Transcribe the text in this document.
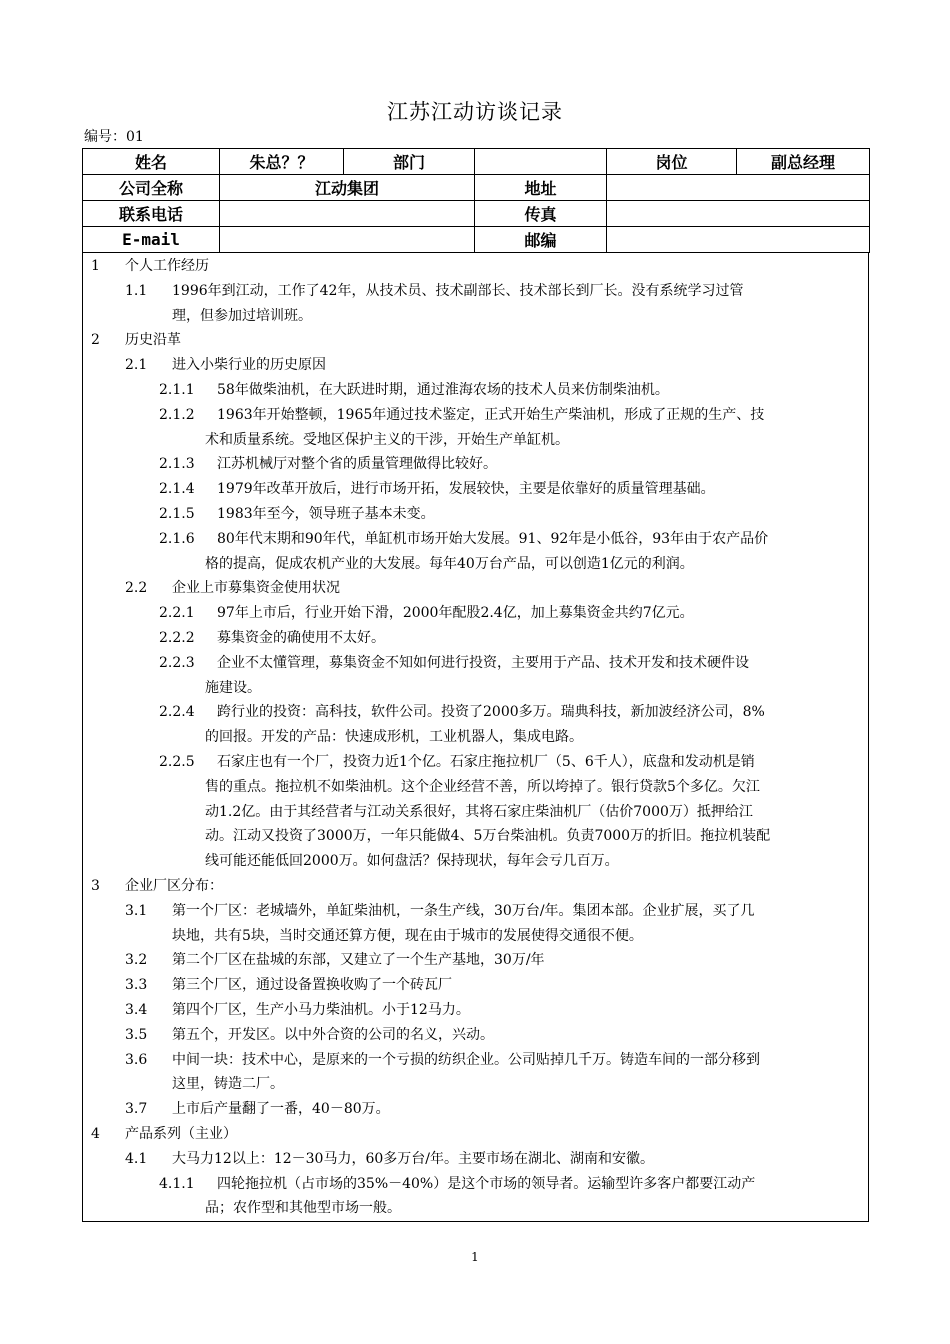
江苏江动访谈记录
编号：01
姓名	朱总？？	部门		岗位	副总经理
公司全称	江动集团		地址		
联系电话			传真		
E-mail			邮编		
1 个人工作经历
1.1 1996年到江动，工作了42年，从技术员、技术副部长、技术部长到厂长。没有系统学习过管
理，但参加过培训班。
2 历史沿革
2.1 进入小柴行业的历史原因
2.1.1 58年做柴油机，在大跃进时期，通过淮海农场的技术人员来仿制柴油机。
2.1.2 1963年开始整顿，1965年通过技术鉴定，正式开始生产柴油机，形成了正规的生产、技
术和质量系统。受地区保护主义的干涉，开始生产单缸机。
2.1.3 江苏机械厅对整个省的质量管理做得比较好。
2.1.4 1979年改革开放后，进行市场开拓，发展较快，主要是依靠好的质量管理基础。
2.1.5 1983年至今，领导班子基本未变。
2.1.6 80年代末期和90年代，单缸机市场开始大发展。91、92年是小低谷，93年由于农产品价
格的提高，促成农机产业的大发展。每年40万台产品，可以创造1亿元的利润。
2.2 企业上市募集资金使用状况
2.2.1 97年上市后，行业开始下滑，2000年配股2.4亿，加上募集资金共约7亿元。
2.2.2 募集资金的确使用不太好。
2.2.3 企业不太懂管理，募集资金不知如何进行投资，主要用于产品、技术开发和技术硬件设
施建设。
2.2.4 跨行业的投资：高科技，软件公司。投资了2000多万。瑞典科技，新加波经济公司，8%
的回报。开发的产品：快速成形机，工业机器人，集成电路。
2.2.5 石家庄也有一个厂，投资力近1个亿。石家庄拖拉机厂（5、6千人），底盘和发动机是销
售的重点。拖拉机不如柴油机。这个企业经营不善，所以垮掉了。银行贷款5个多亿。欠江
动1.2亿。由于其经营者与江动关系很好，其将石家庄柴油机厂（估价7000万）抵押给江
动。江动又投资了3000万，一年只能做4、5万台柴油机。负责7000万的折旧。拖拉机装配
线可能还能低回2000万。如何盘活？保持现状，每年会亏几百万。
3 企业厂区分布：
3.1 第一个厂区：老城墙外，单缸柴油机，一条生产线，30万台/年。集团本部。企业扩展，买了几
块地，共有5块，当时交通还算方便，现在由于城市的发展使得交通很不便。
3.2 第二个厂区在盐城的东部，又建立了一个生产基地，30万/年
3.3 第三个厂区，通过设备置换收购了一个砖瓦厂
3.4 第四个厂区，生产小马力柴油机。小于12马力。
3.5 第五个，开发区。以中外合资的公司的名义，兴动。
3.6 中间一块：技术中心，是原来的一个亏损的纺织企业。公司贴掉几千万。铸造车间的一部分移到
这里，铸造二厂。
3.7 上市后产量翻了一番，40－80万。
4 产品系列（主业）
4.1 大马力12以上：12－30马力，60多万台/年。主要市场在湖北、湖南和安徽。
4.1.1 四轮拖拉机（占市场的35%－40%）是这个市场的领导者。运输型许多客户都要江动产
品；农作型和其他型市场一般。
1
